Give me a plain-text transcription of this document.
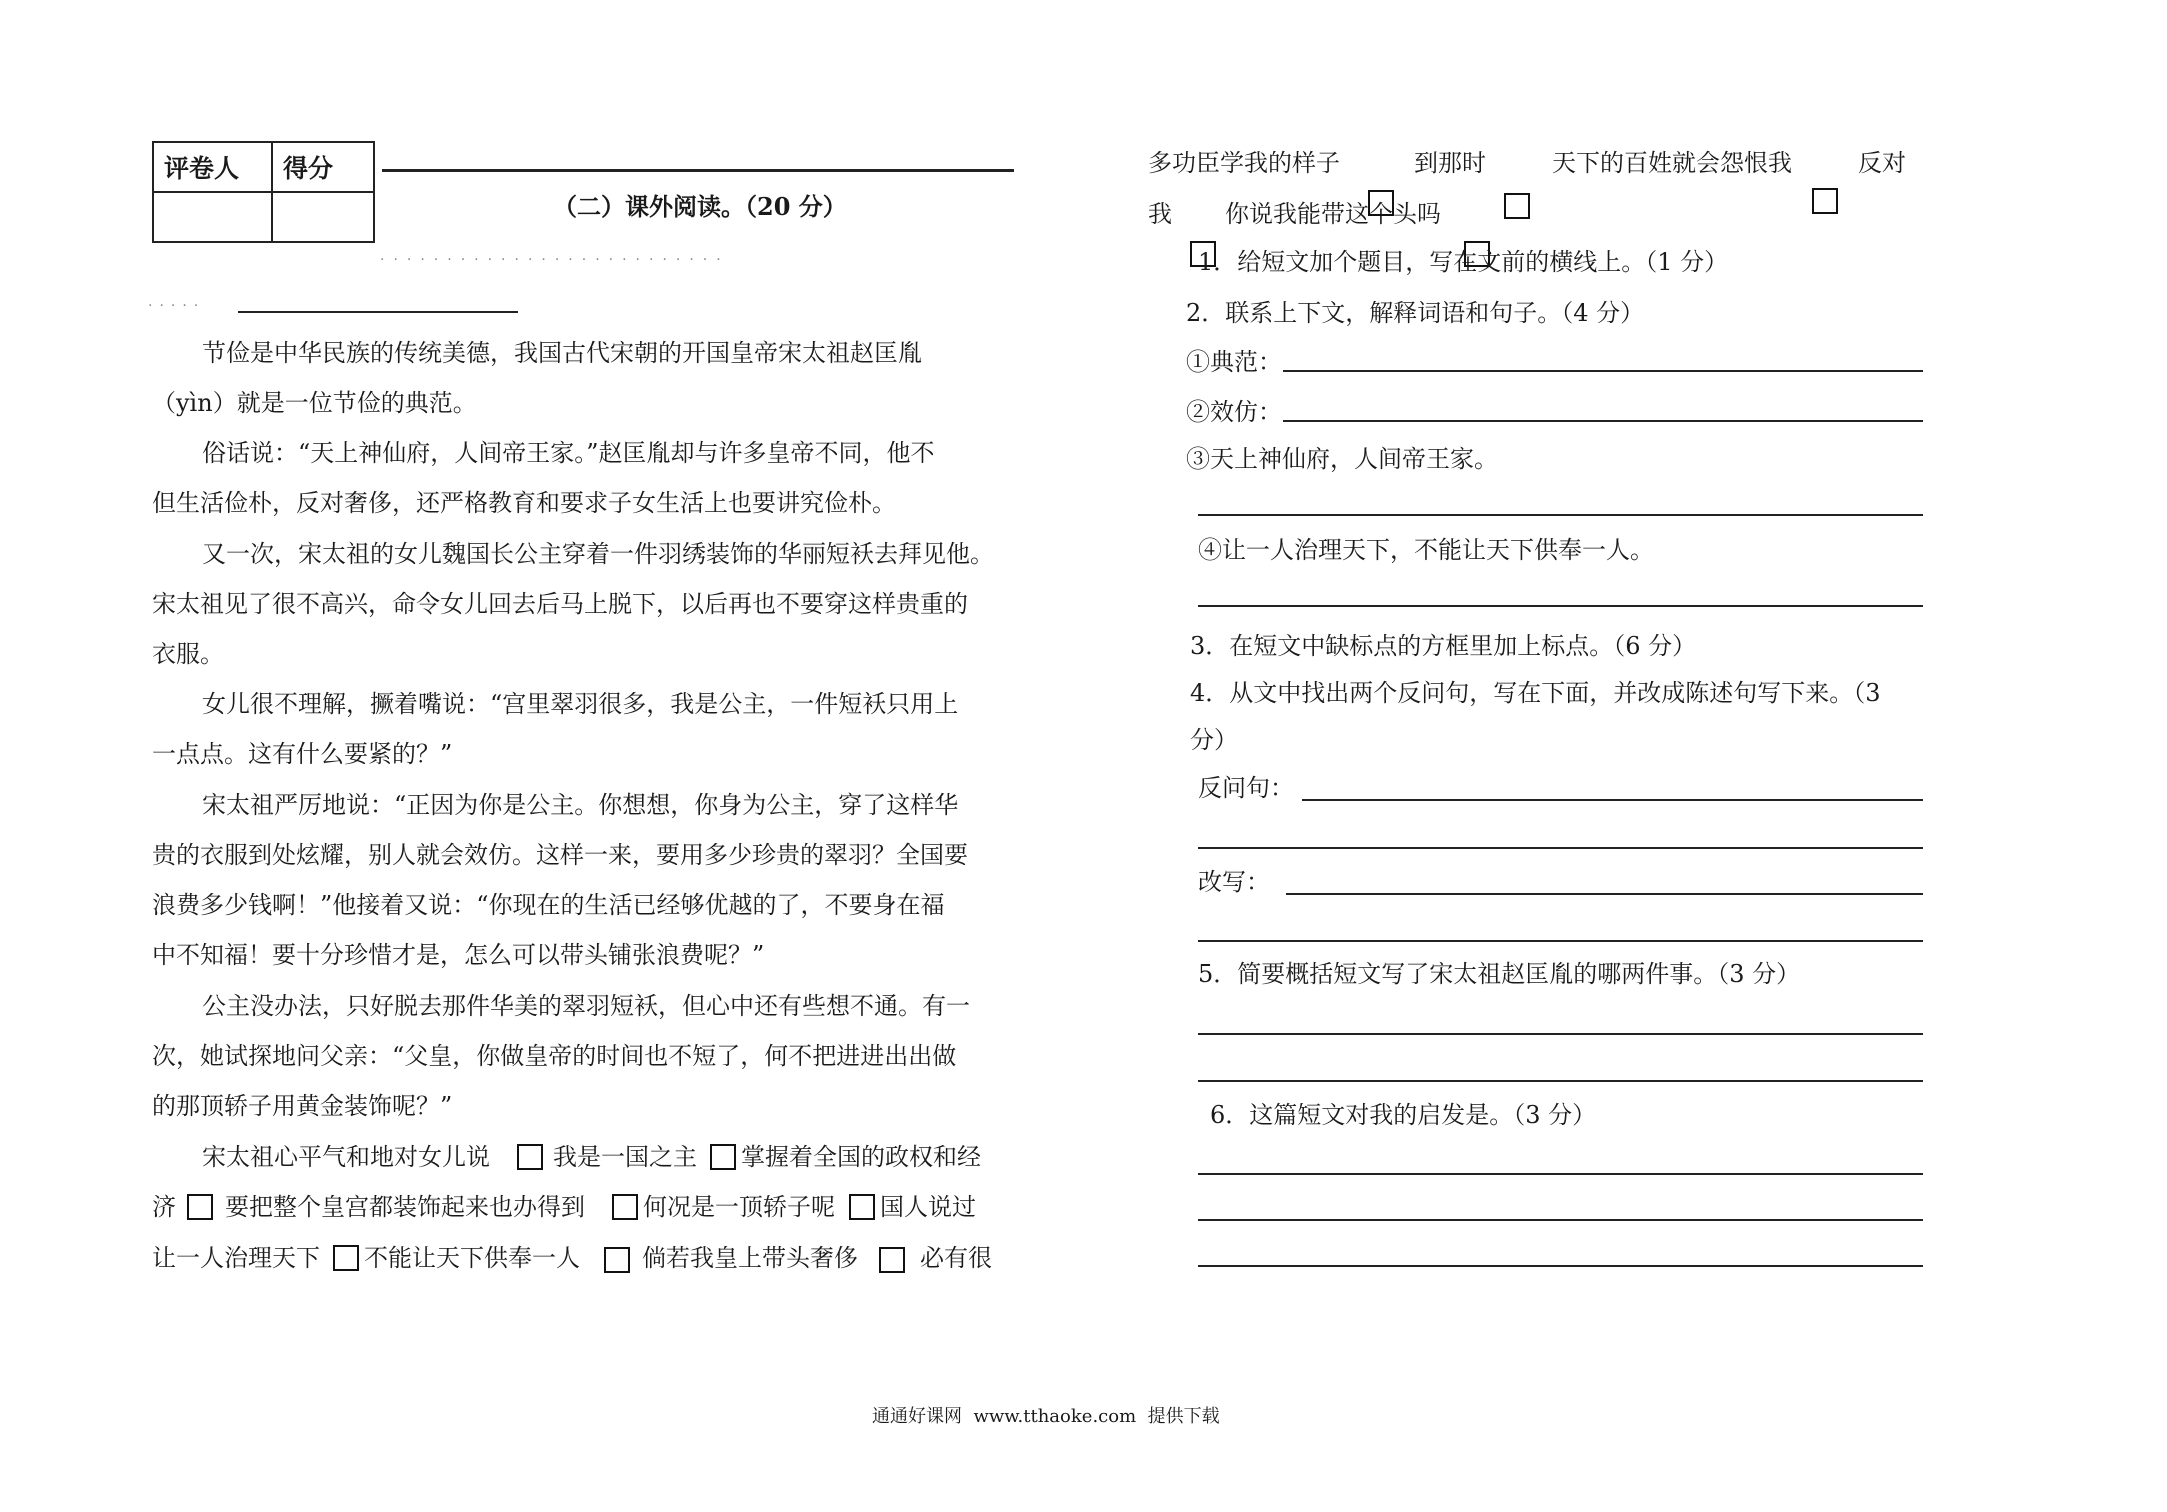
评卷人	得分

（二）课外阅读。（20 分）
··························
·····
节俭是中华民族的传统美德，我国古代宋朝的开国皇帝宋太祖赵匡胤
（yìn）就是一位节俭的典范。
俗话说：“天上神仙府，人间帝王家。”赵匡胤却与许多皇帝不同，他不
但生活俭朴，反对奢侈，还严格教育和要求子女生活上也要讲究俭朴。
又一次，宋太祖的女儿魏国长公主穿着一件羽绣装饰的华丽短袄去拜见他。
宋太祖见了很不高兴，命令女儿回去后马上脱下，以后再也不要穿这样贵重的
衣服。
女儿很不理解，撅着嘴说：“宫里翠羽很多，我是公主，一件短袄只用上
一点点。这有什么要紧的？”
宋太祖严厉地说：“正因为你是公主。你想想，你身为公主，穿了这样华
贵的衣服到处炫耀，别人就会效仿。这样一来，要用多少珍贵的翠羽？全国要
浪费多少钱啊！”他接着又说：“你现在的生活已经够优越的了，不要身在福
中不知福！要十分珍惜才是，怎么可以带头铺张浪费呢？”
公主没办法，只好脱去那件华美的翠羽短袄，但心中还有些想不通。有一
次，她试探地问父亲：“父皇，你做皇帝的时间也不短了，何不把进进出出做
的那顶轿子用黄金装饰呢？”
宋太祖心平气和地对女儿说	我是一国之主 掌握着全国的政权和经
济 要把整个皇宫都装饰起来也办得到 何况是一顶轿子呢 国人说过
让一人治理天下 不能让天下供奉一人	倘若我皇上带头奢侈	必有很
多功臣学我的样子	到那时	天下的百姓就会怨恨我	反对
我 你说我能带这个头吗
1．给短文加个题目，写在文前的横线上。（1 分）
2．联系上下文，解释词语和句子。（4 分）
①典范：
②效仿：
③天上神仙府，人间帝王家。
④让一人治理天下，不能让天下供奉一人。
3．在短文中缺标点的方框里加上标点。（6 分）
4．从文中找出两个反问句，写在下面，并改成陈述句写下来。（3
分）
反问句：
改写：
5．简要概括短文写了宋太祖赵匡胤的哪两件事。（3 分）
6．这篇短文对我的启发是。（3 分）
通通好课网  www.tthaoke.com  提供下载
